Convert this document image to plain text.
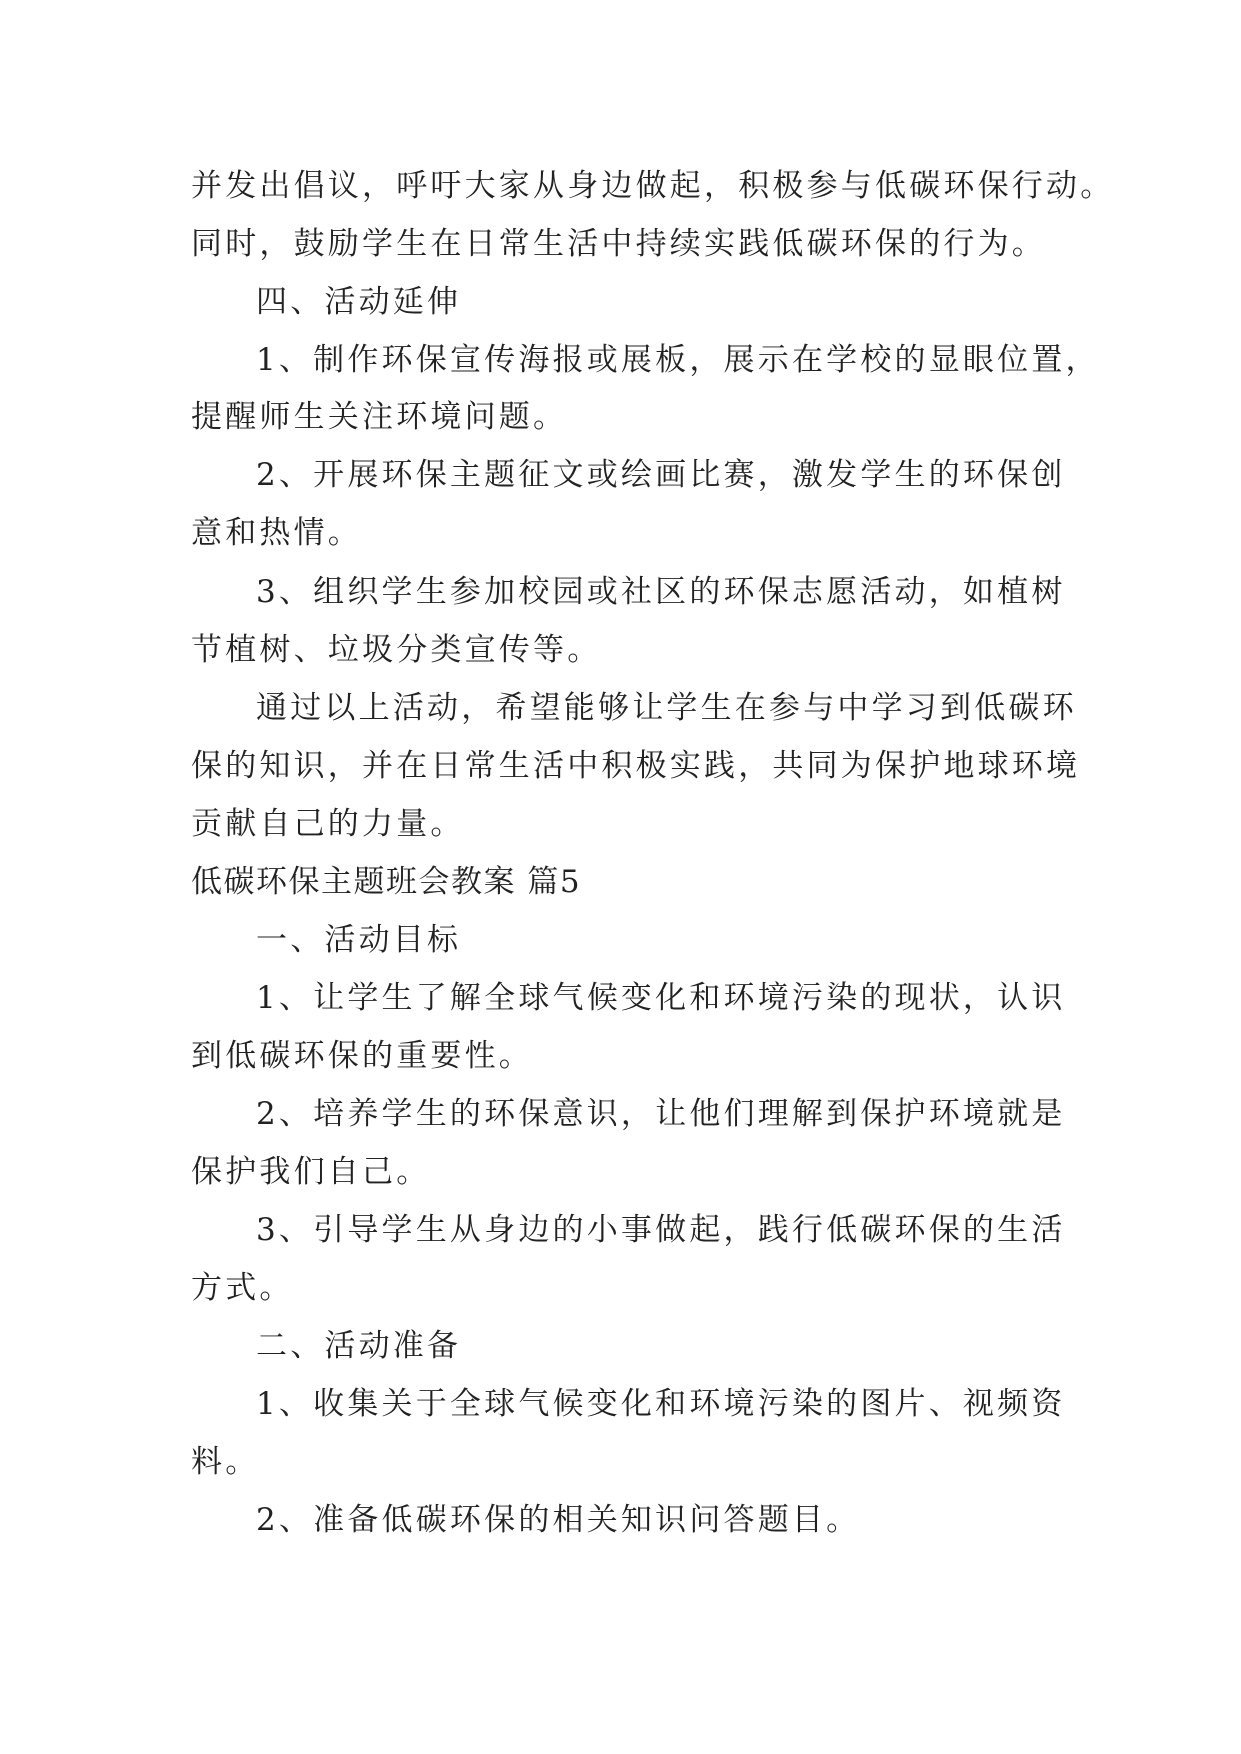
并发出倡议，呼吁大家从身边做起，积极参与低碳环保行动。
同时，鼓励学生在日常生活中持续实践低碳环保的行为。
四、活动延伸
1、制作环保宣传海报或展板，展示在学校的显眼位置，
提醒师生关注环境问题。
2、开展环保主题征文或绘画比赛，激发学生的环保创
意和热情。
3、组织学生参加校园或社区的环保志愿活动，如植树
节植树、垃圾分类宣传等。
通过以上活动，希望能够让学生在参与中学习到低碳环
保的知识，并在日常生活中积极实践，共同为保护地球环境
贡献自己的力量。
低碳环保主题班会教案 篇5
一、活动目标
1、让学生了解全球气候变化和环境污染的现状，认识
到低碳环保的重要性。
2、培养学生的环保意识，让他们理解到保护环境就是
保护我们自己。
3、引导学生从身边的小事做起，践行低碳环保的生活
方式。
二、活动准备
1、收集关于全球气候变化和环境污染的图片、视频资
料。
2、准备低碳环保的相关知识问答题目。
